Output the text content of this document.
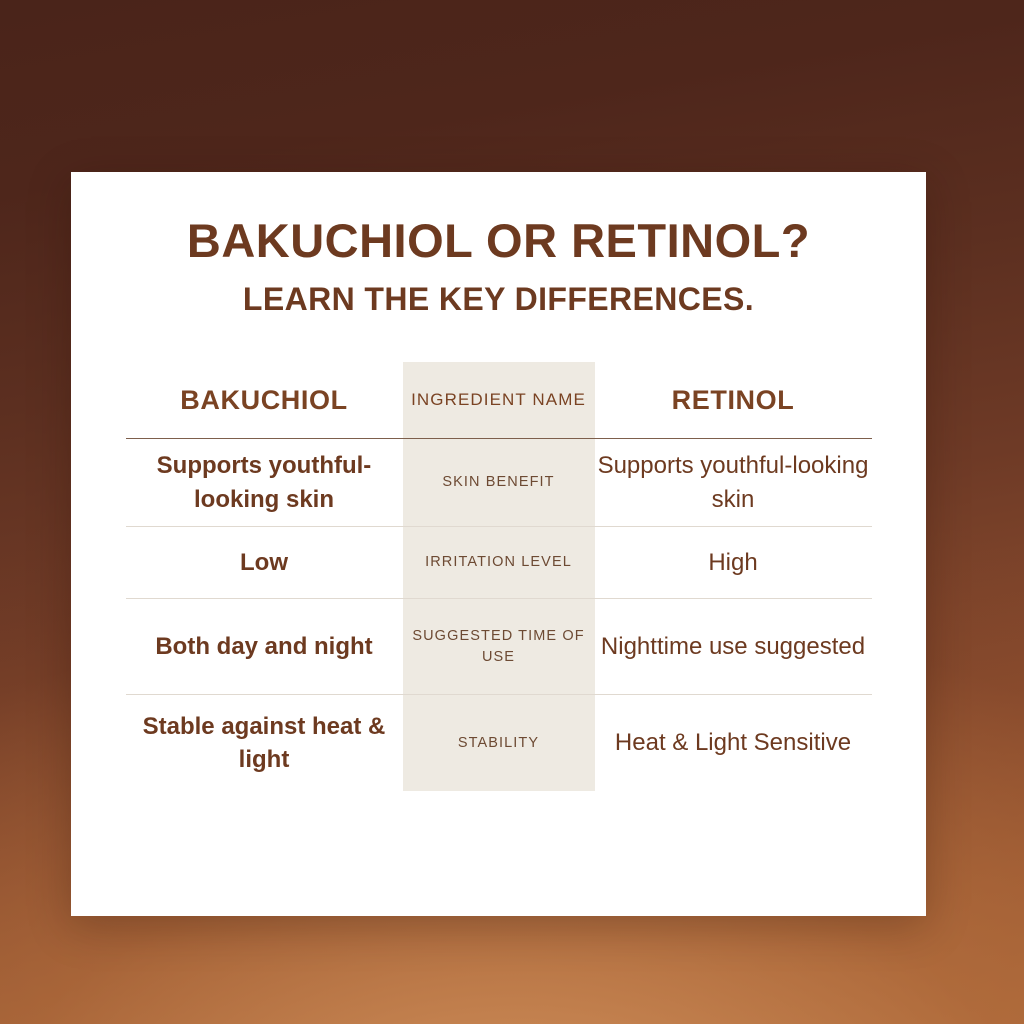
BAKUCHIOL OR RETINOL?
LEARN THE KEY DIFFERENCES.
BAKUCHIOL	INGREDIENT NAME	RETINOL

Supports youthful-looking skin	SKIN BENEFIT	Supports youthful-looking skin
Low	IRRITATION LEVEL	High
Both day and night	SUGGESTED TIME OF USE	Nighttime use suggested
Stable against heat & light	STABILITY	Heat & Light Sensitive
